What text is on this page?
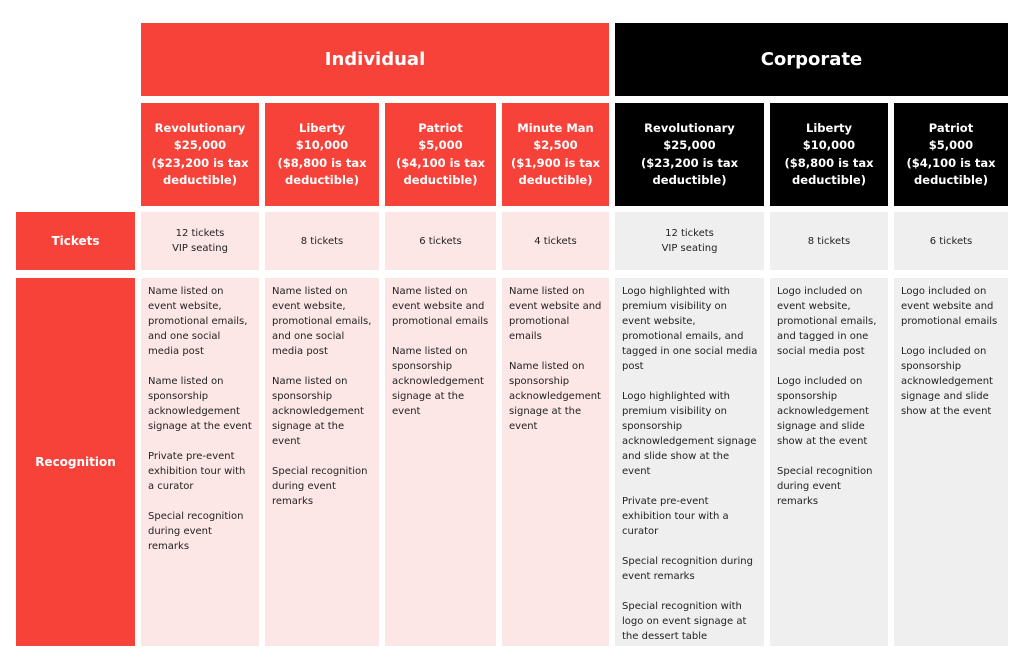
Individual	Corporate
Tickets
Recognition
Revolutionary
$25,000
($23,200 is tax
deductible)
12 tickets
VIP seating

Name listed on event website, promotional emails, and one social media post

Name listed on sponsorship acknowledgement signage at the event

Private pre-event exhibition tour with a curator

Special recognition during event remarks

Liberty
$10,000
($8,800 is tax
deductible)
8 tickets

Name listed on event website, promotional emails, and one social media post

Name listed on sponsorship acknowledgement signage at the event

Special recognition during event remarks

Patriot
$5,000
($4,100 is tax
deductible)
6 tickets

Name listed on event website and promotional emails

Name listed on sponsorship acknowledgement signage at the event

Minute Man
$2,500
($1,900 is tax
deductible)
4 tickets

Name listed on event website and promotional emails

Name listed on sponsorship acknowledgement signage at the event

Revolutionary
$25,000
($23,200 is tax
deductible)
12 tickets
VIP seating

Logo highlighted with premium visibility on event website, promotional emails, and tagged in one social media post

Logo highlighted with premium visibility on sponsorship acknowledgement signage and slide show at the event

Private pre-event exhibition tour with a curator

Special recognition during event remarks

Special recognition with logo on event signage at the dessert table

Liberty
$10,000
($8,800 is tax
deductible)
8 tickets

Logo included on event website, promotional emails, and tagged in one social media post

Logo included on sponsorship acknowledgement signage and slide show at the event

Special recognition during event remarks

Patriot
$5,000
($4,100 is tax
deductible)
6 tickets

Logo included on event website and promotional emails

Logo included on sponsorship acknowledgement signage and slide show at the event
